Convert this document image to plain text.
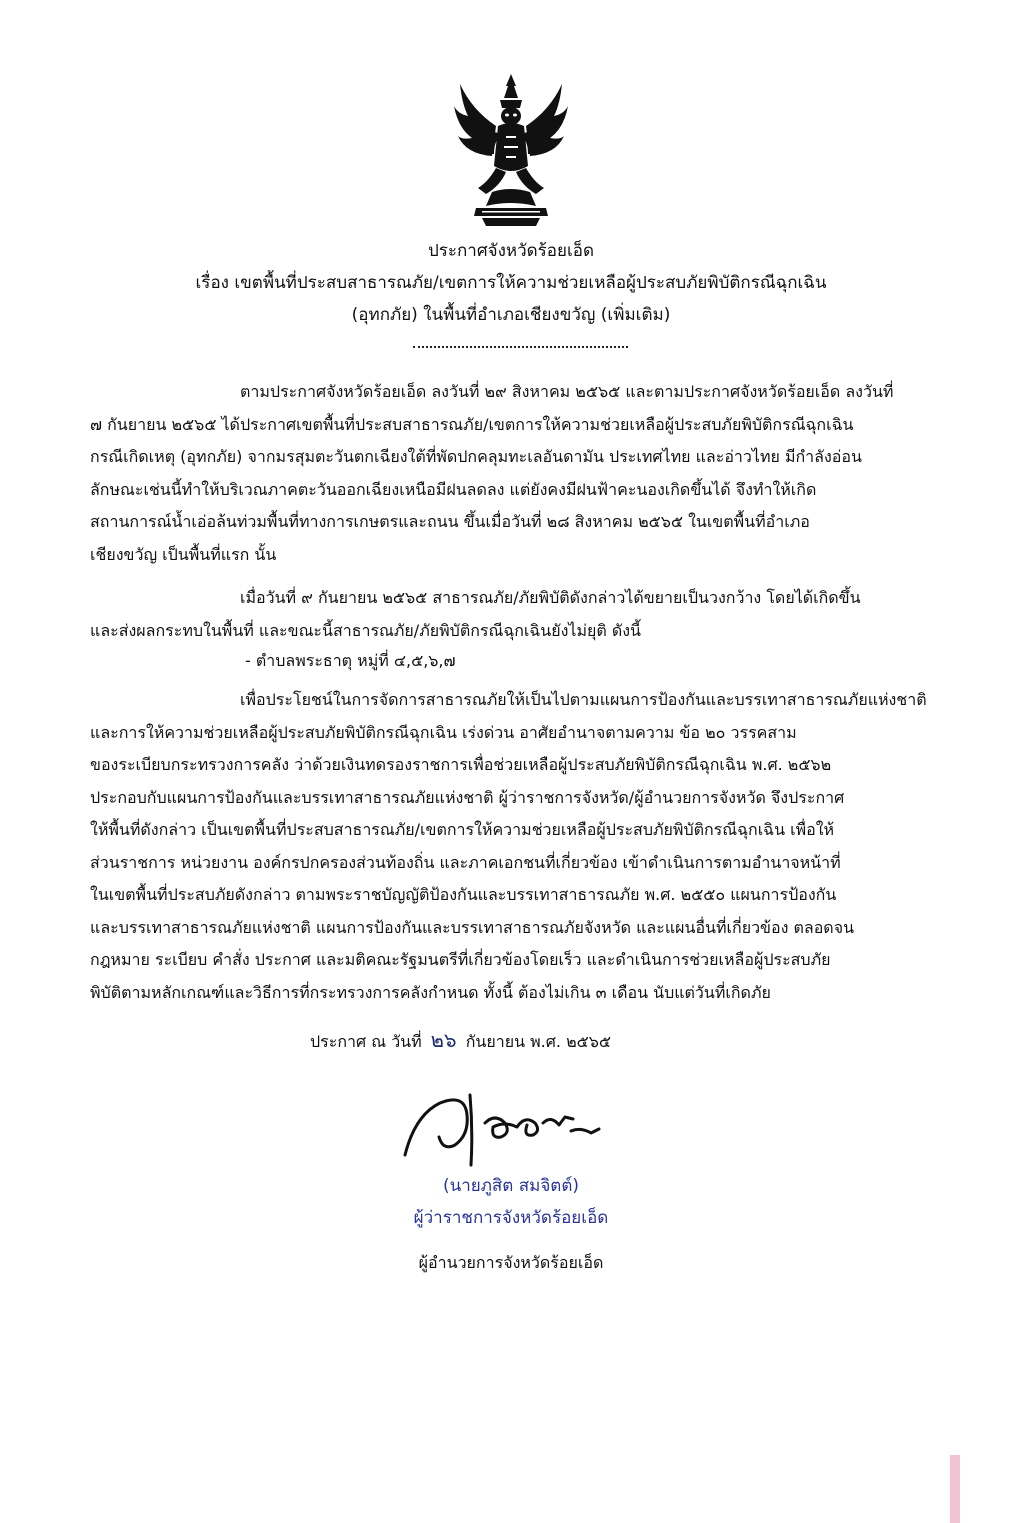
ประกาศจังหวัดร้อยเอ็ด
เรื่อง เขตพื้นที่ประสบสาธารณภัย/เขตการให้ความช่วยเหลือผู้ประสบภัยพิบัติกรณีฉุกเฉิน
(อุทกภัย) ในพื้นที่อำเภอเชียงขวัญ (เพิ่มเติม)
ตามประกาศจังหวัดร้อยเอ็ด ลงวันที่ ๒๙ สิงหาคม ๒๕๖๕ และตามประกาศจังหวัดร้อยเอ็ด ลงวันที่
๗ กันยายน ๒๕๖๕ ได้ประกาศเขตพื้นที่ประสบสาธารณภัย/เขตการให้ความช่วยเหลือผู้ประสบภัยพิบัติกรณีฉุกเฉิน
กรณีเกิดเหตุ (อุทกภัย) จากมรสุมตะวันตกเฉียงใต้ที่พัดปกคลุมทะเลอันดามัน ประเทศไทย และอ่าวไทย มีกำลังอ่อน
ลักษณะเช่นนี้ทำให้บริเวณภาคตะวันออกเฉียงเหนือมีฝนลดลง แต่ยังคงมีฝนฟ้าคะนองเกิดขึ้นได้ จึงทำให้เกิด
สถานการณ์น้ำเอ่อล้นท่วมพื้นที่ทางการเกษตรและถนน ขึ้นเมื่อวันที่ ๒๘ สิงหาคม ๒๕๖๕ ในเขตพื้นที่อำเภอ
เชียงขวัญ เป็นพื้นที่แรก นั้น
เมื่อวันที่ ๙ กันยายน ๒๕๖๕ สาธารณภัย/ภัยพิบัติดังกล่าวได้ขยายเป็นวงกว้าง โดยได้เกิดขึ้น
และส่งผลกระทบในพื้นที่ และขณะนี้สาธารณภัย/ภัยพิบัติกรณีฉุกเฉินยังไม่ยุติ ดังนี้
- ตำบลพระธาตุ หมู่ที่ ๔,๕,๖,๗
เพื่อประโยชน์ในการจัดการสาธารณภัยให้เป็นไปตามแผนการป้องกันและบรรเทาสาธารณภัยแห่งชาติ
และการให้ความช่วยเหลือผู้ประสบภัยพิบัติกรณีฉุกเฉิน เร่งด่วน อาศัยอำนาจตามความ ข้อ ๒๐ วรรคสาม
ของระเบียบกระทรวงการคลัง ว่าด้วยเงินทดรองราชการเพื่อช่วยเหลือผู้ประสบภัยพิบัติกรณีฉุกเฉิน พ.ศ. ๒๕๖๒
ประกอบกับแผนการป้องกันและบรรเทาสาธารณภัยแห่งชาติ ผู้ว่าราชการจังหวัด/ผู้อำนวยการจังหวัด จึงประกาศ
ให้พื้นที่ดังกล่าว เป็นเขตพื้นที่ประสบสาธารณภัย/เขตการให้ความช่วยเหลือผู้ประสบภัยพิบัติกรณีฉุกเฉิน เพื่อให้
ส่วนราชการ หน่วยงาน องค์กรปกครองส่วนท้องถิ่น และภาคเอกชนที่เกี่ยวข้อง เข้าดำเนินการตามอำนาจหน้าที่
ในเขตพื้นที่ประสบภัยดังกล่าว ตามพระราชบัญญัติป้องกันและบรรเทาสาธารณภัย พ.ศ. ๒๕๕๐ แผนการป้องกัน
และบรรเทาสาธารณภัยแห่งชาติ แผนการป้องกันและบรรเทาสาธารณภัยจังหวัด และแผนอื่นที่เกี่ยวข้อง ตลอดจน
กฎหมาย ระเบียบ คำสั่ง ประกาศ และมติคณะรัฐมนตรีที่เกี่ยวข้องโดยเร็ว และดำเนินการช่วยเหลือผู้ประสบภัย
พิบัติตามหลักเกณฑ์และวิธีการที่กระทรวงการคลังกำหนด ทั้งนี้ ต้องไม่เกิน ๓ เดือน นับแต่วันที่เกิดภัย
ประกาศ ณ วันที่ ๒๖ กันยายน พ.ศ. ๒๕๖๕
(นายภูสิต สมจิตต์)
ผู้ว่าราชการจังหวัดร้อยเอ็ด
ผู้อำนวยการจังหวัดร้อยเอ็ด
